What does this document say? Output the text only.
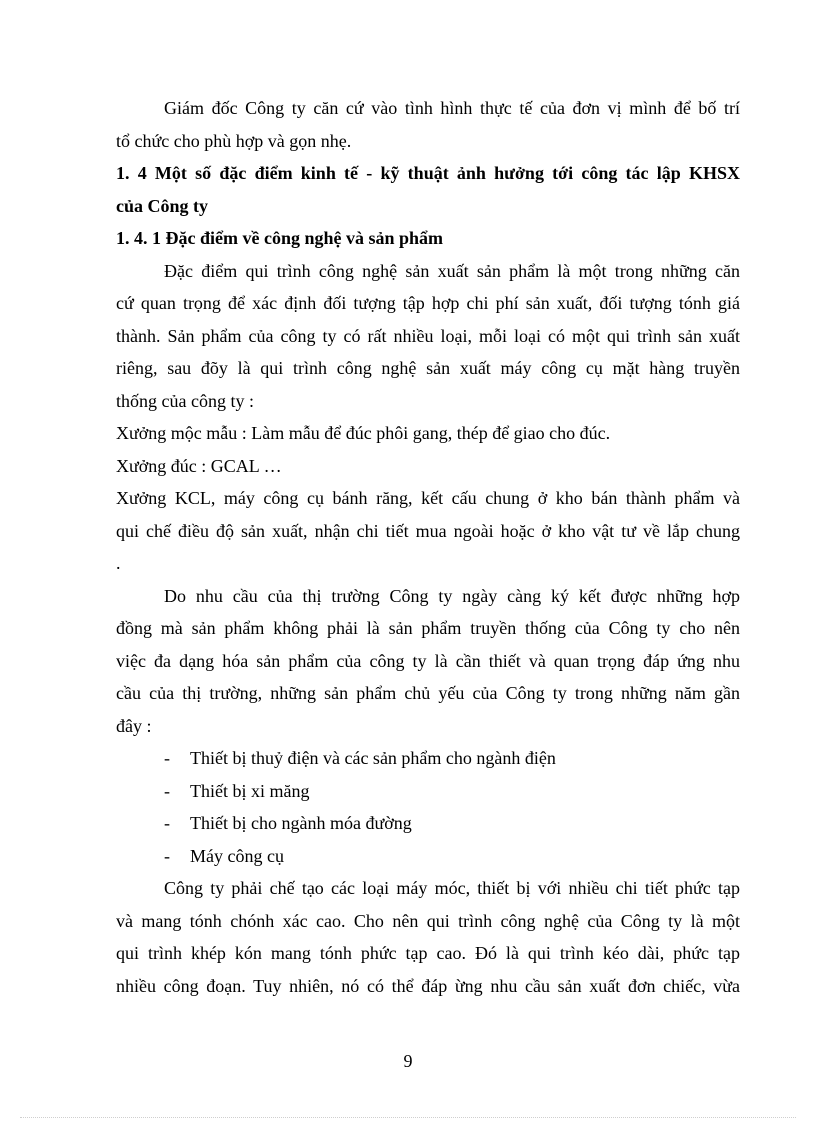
Giám đốc Công ty căn cứ vào tình hình thực tế của đơn vị mình để bố trí
tổ chức cho phù hợp và gọn nhẹ.
1. 4 Một số đặc điểm kinh tế - kỹ thuật ảnh hưởng tới công tác lập KHSX
của Công ty
1. 4. 1 Đặc điểm về công nghệ và sản phẩm
Đặc điểm qui trình công nghệ sản xuất sản phẩm là một trong những căn
cứ quan trọng để xác định đối tượng tập hợp chi phí sản xuất, đối tượng tónh giá
thành. Sản phẩm của công ty có rất nhiều loại, mỗi loại có một qui trình sản xuất
riêng, sau đõy là qui trình công nghệ sản xuất máy công cụ mặt hàng truyền
thống của công ty :
Xưởng mộc mẫu : Làm mẫu để đúc phôi gang, thép để giao cho đúc.
Xưởng đúc : GCAL …
Xưởng KCL, máy công cụ bánh răng, kết cấu chung ở kho bán thành phẩm và
qui chế điều độ sản xuất, nhận chi tiết mua ngoài hoặc ở kho vật tư về lắp chung
.
Do nhu cầu của thị trường Công ty ngày càng ký kết được những hợp
đồng mà sản phẩm không phải là sản phẩm truyền thống của Công ty cho nên
việc đa dạng hóa sản phẩm của công ty là cần thiết và quan trọng đáp ứng nhu
cầu của thị trường, những sản phẩm chủ yếu của Công ty trong những năm gần
đây :
- Thiết bị thuỷ điện và các sản phẩm cho ngành điện
- Thiết bị xi măng
- Thiết bị cho ngành móa đường
- Máy công cụ
Công ty phải chế tạo các loại máy móc, thiết bị với nhiều chi tiết phức tạp
và mang tónh chónh xác cao. Cho nên qui trình công nghệ của Công ty là một
qui trình khép kón mang tónh phức tạp cao. Đó là qui trình kéo dài, phức tạp
nhiều công đoạn. Tuy nhiên, nó có thể đáp ừng nhu cầu sản xuất đơn chiếc, vừa
9
